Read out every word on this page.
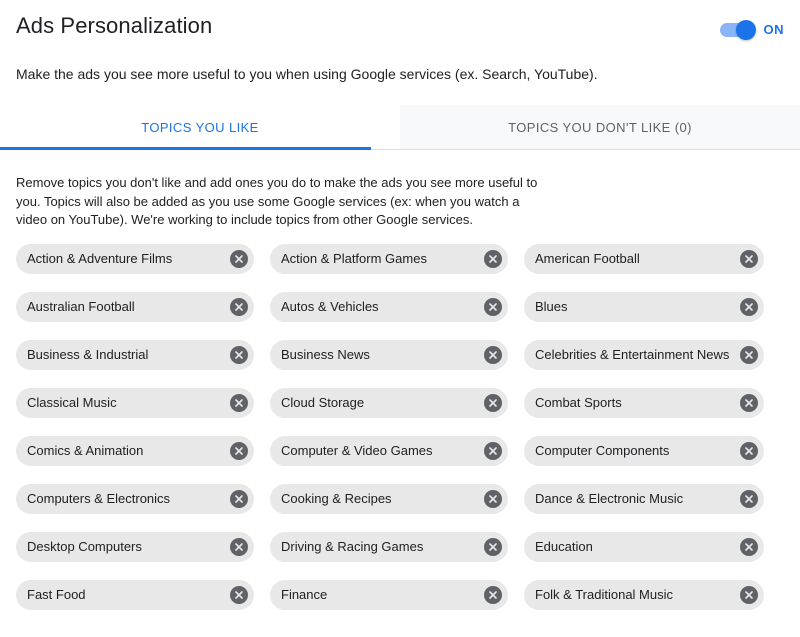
Ads Personalization	ON

Make the ads you see more useful to you when using Google services (ex. Search, YouTube).

TOPICS YOU LIKE	TOPICS YOU DON'T LIKE (0)

Remove topics you don't like and add ones you do to make the ads you see more useful to you. Topics will also be added as you use some Google services (ex: when you watch a video on YouTube). We're working to include topics from other Google services.

Action & Adventure Films	Action & Platform Games	American Football
Australian Football	Autos & Vehicles	Blues
Business & Industrial	Business News	Celebrities & Entertainment News
Classical Music	Cloud Storage	Combat Sports
Comics & Animation	Computer & Video Games	Computer Components
Computers & Electronics	Cooking & Recipes	Dance & Electronic Music
Desktop Computers	Driving & Racing Games	Education
Fast Food	Finance	Folk & Traditional Music
